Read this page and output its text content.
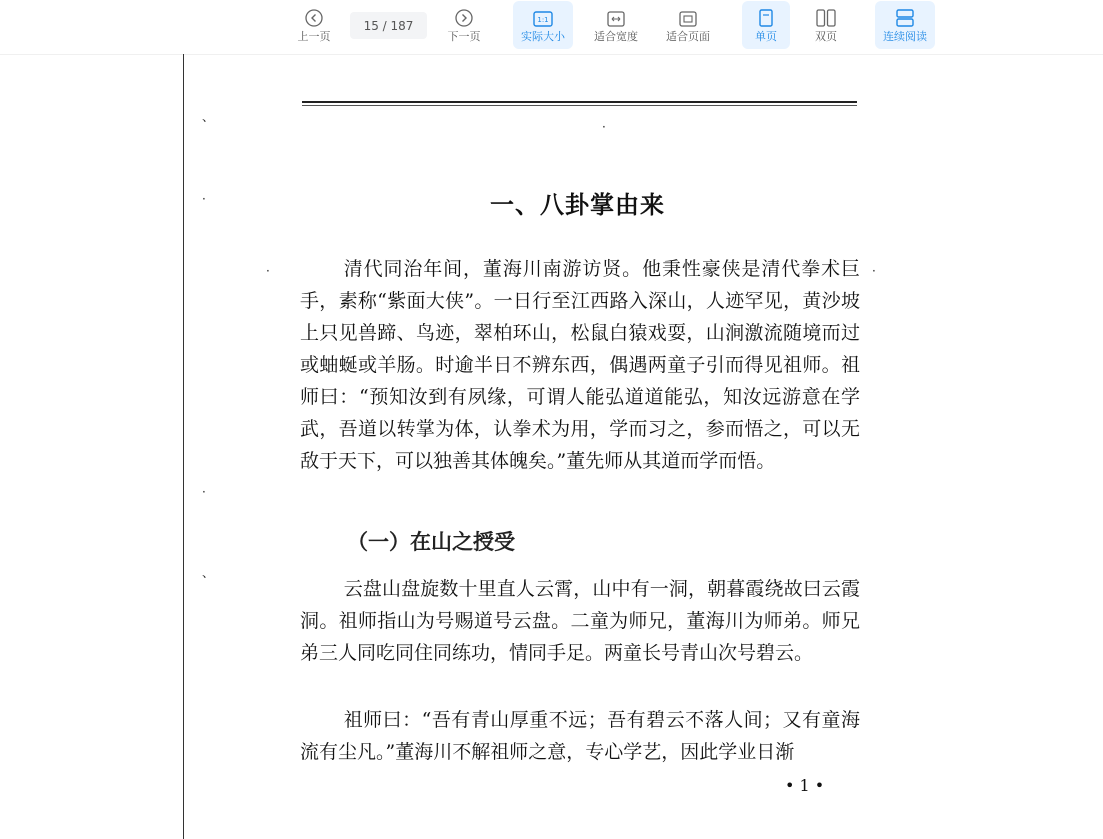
上一页
15 / 187
下一页
1:1
实际大小	适合宽度	适合页面	单页	双页	连续阅读
、
·
·
·
、
·
·
一、八卦掌由来

清代同治年间，董海川南游访贤。他秉性豪侠是清代拳术巨手，素称“紫面大侠”。一日行至江西路入深山，人迹罕见，黄沙坡上只见兽蹄、鸟迹，翠柏环山，松鼠白猿戏耍，山涧激流随境而过或蚰蜒或羊肠。时逾半日不辨东西，偶遇两童子引而得见祖师。祖师曰：“预知汝到有夙缘，可谓人能弘道道能弘，知汝远游意在学武，吾道以转掌为体，认拳术为用，学而习之，参而悟之，可以无敌于天下，可以独善其体魄矣。”董先师从其道而学而悟。

（一）在山之授受

云盘山盘旋数十里直人云霄，山中有一洞，朝暮霞绕故曰云霞洞。祖师指山为号赐道号云盘。二童为师兄，董海川为师弟。师兄弟三人同吃同住同练功，情同手足。两童长号青山次号碧云。

祖师曰：“吾有青山厚重不远；吾有碧云不落人间；又有童海流有尘凡。”董海川不解祖师之意，专心学艺，因此学业日渐

• 1 •
